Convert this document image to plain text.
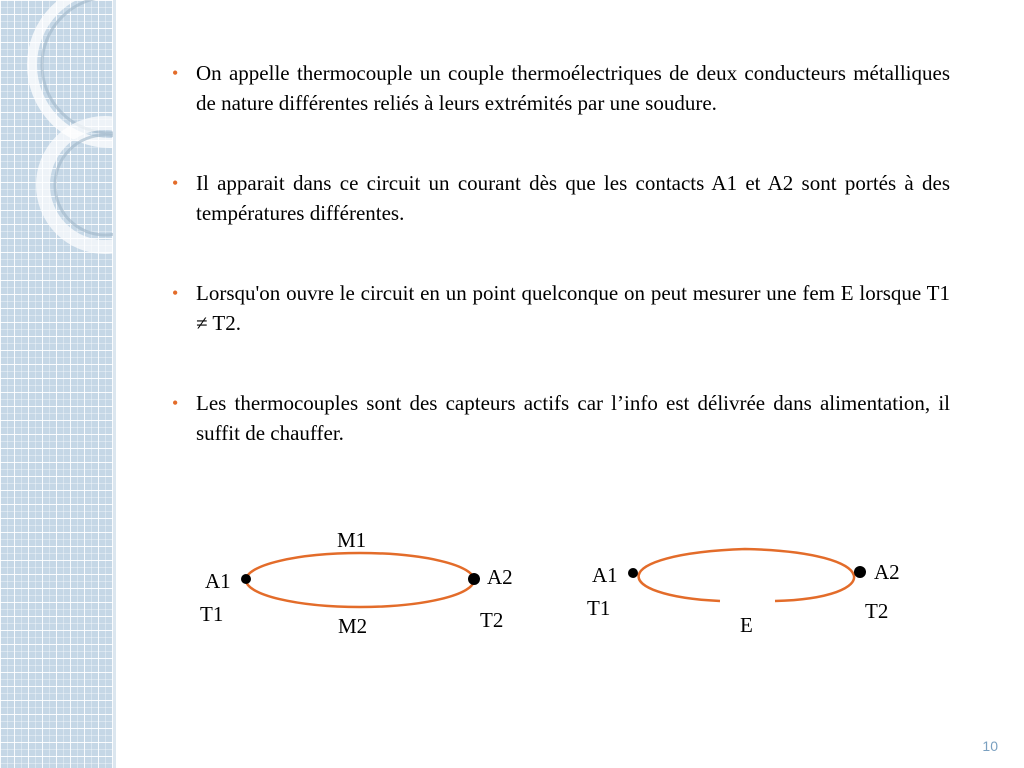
• On appelle thermocouple un couple thermoélectriques de deux conducteurs métalliques de nature différentes reliés à leurs extrémités par une soudure.
• Il apparait dans ce circuit un courant dès que les contacts A1 et A2 sont portés à des températures différentes.
• Lorsqu'on ouvre le circuit en un point quelconque on peut mesurer une fem E lorsque T1 ≠ T2.
• Les thermocouples sont des capteurs actifs car l’info est délivrée dans alimentation, il suffit de chauffer.
M1
M2
A1	A2
T1	T2
A1	A2
T1	T2
E
10
